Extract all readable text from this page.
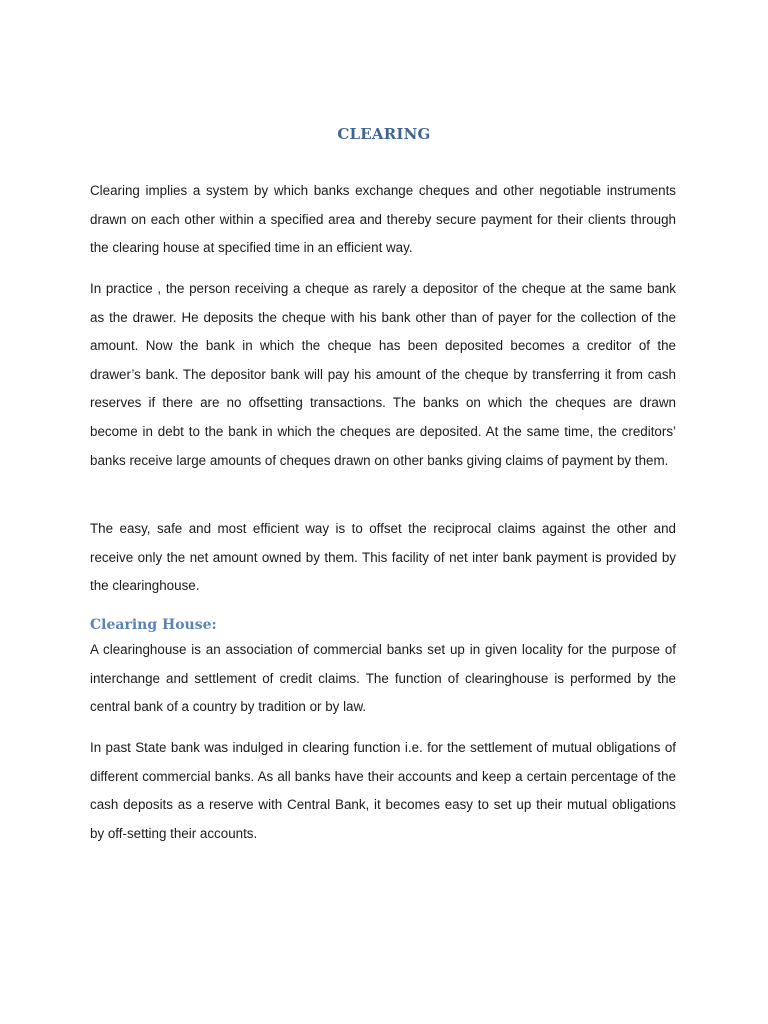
CLEARING

Clearing implies a system by which banks exchange cheques and other negotiable instruments drawn on each other within a specified area and thereby secure payment for their clients through the clearing house at specified time in an efficient way.

In practice , the person receiving a cheque as rarely a depositor of the cheque at the same bank as the drawer. He deposits the cheque with his bank other than of payer for the collection of the amount. Now the bank in which the cheque has been deposited becomes a creditor of the drawer’s bank. The depositor bank will pay his amount of the cheque by transferring it from cash reserves if there are no offsetting transactions. The banks on which the cheques are drawn become in debt to the bank in which the cheques are deposited. At the same time, the creditors’ banks receive large amounts of cheques drawn on other banks giving claims of payment by them.

The easy, safe and most efficient way is to offset the reciprocal claims against the other and receive only the net amount owned by them. This facility of net inter bank payment is provided by the clearinghouse.

Clearing House:

A clearinghouse is an association of commercial banks set up in given locality for the purpose of interchange and settlement of credit claims. The function of clearinghouse is performed by the central bank of a country by tradition or by law.

In past State bank was indulged in clearing function i.e. for the settlement of mutual obligations of different commercial banks. As all banks have their accounts and keep a certain percentage of the cash deposits as a reserve with Central Bank, it becomes easy to set up their mutual obligations by off-setting their accounts.
